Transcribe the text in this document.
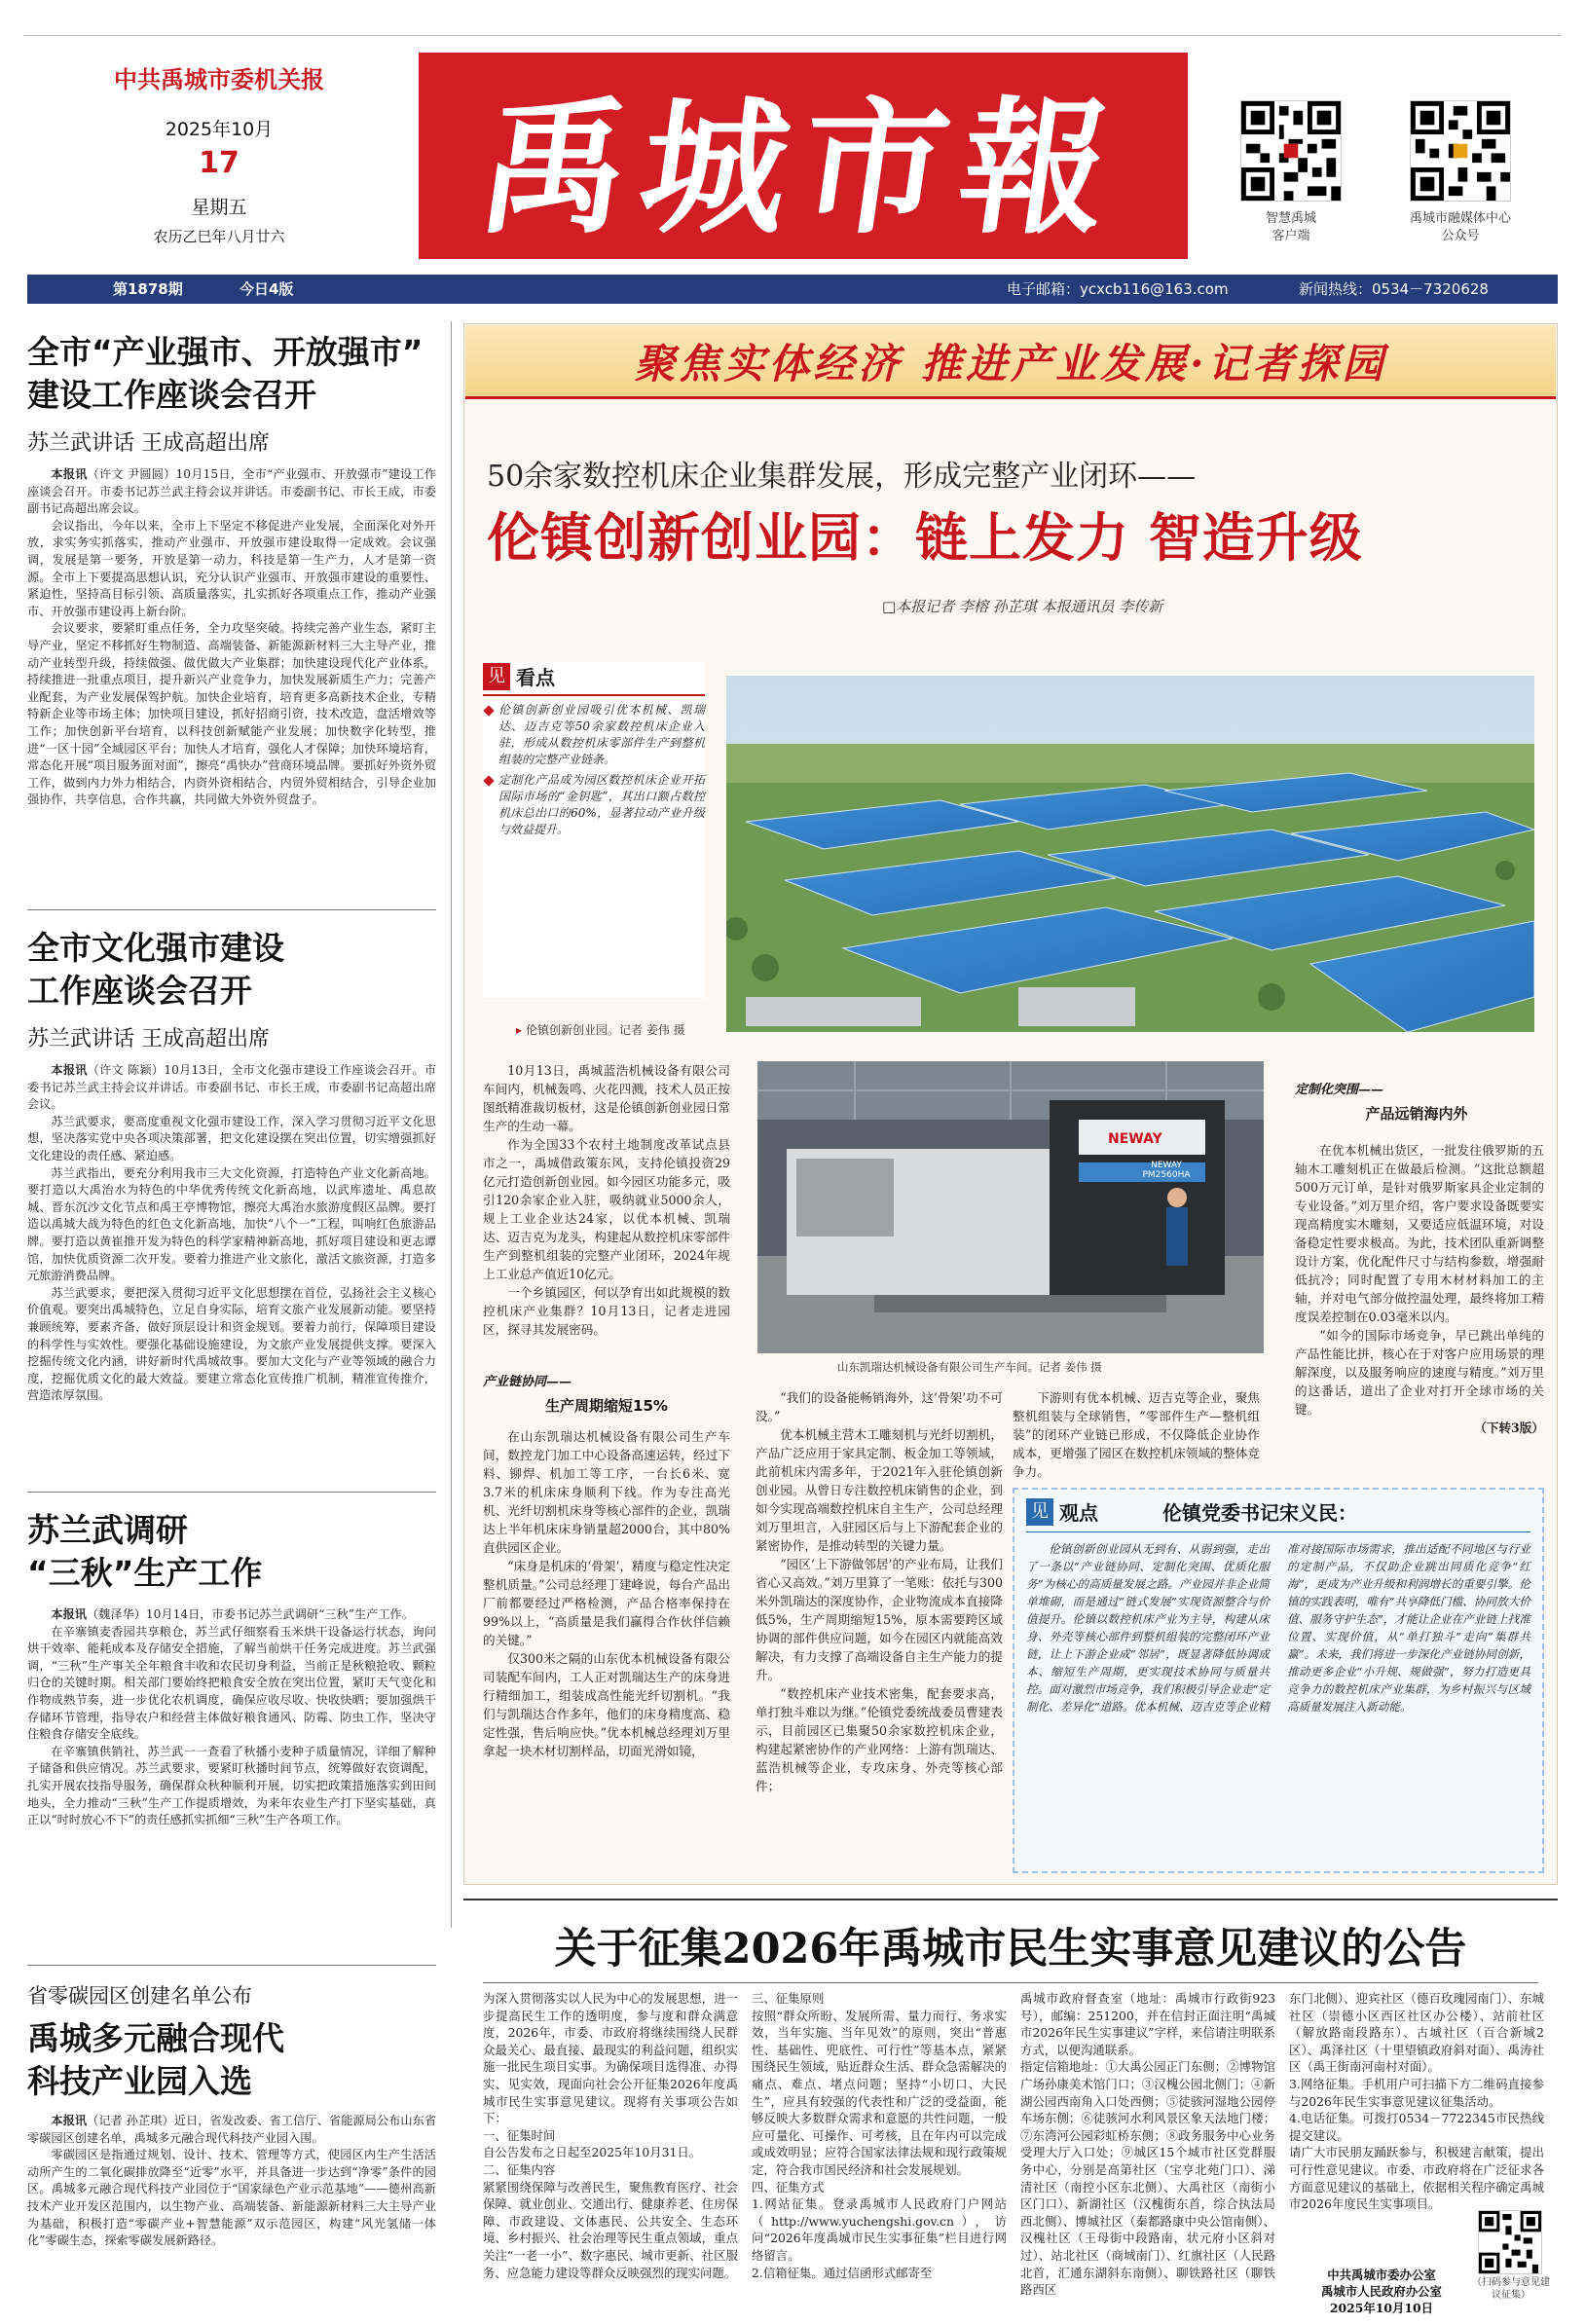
中共禹城市委机关报
2025年10月
17
星期五
农历乙巳年八月廿六	禹城市報	智慧禹城
客户端
禹城市融媒体中心
公众号
第1878期	今日4版	电子邮箱：ycxcb116@163.com	新闻热线：0534－7320628
全市“产业强市、开放强市”
建设工作座谈会召开
苏兰武讲话 王成高超出席

本报讯（许文 尹圆圆）10月15日，全市“产业强市、开放强市”建设工作座谈会召开。市委书记苏兰武主持会议并讲话。市委副书记、市长王成，市委副书记高超出席会议。

会议指出，今年以来，全市上下坚定不移促进产业发展，全面深化对外开放，求实务实抓落实，推动产业强市、开放强市建设取得一定成效。会议强调，发展是第一要务，开放是第一动力，科技是第一生产力，人才是第一资源。全市上下要提高思想认识，充分认识产业强市、开放强市建设的重要性、紧迫性，坚持高目标引领、高质量落实，扎实抓好各项重点工作，推动产业强市、开放强市建设再上新台阶。

会议要求，要紧盯重点任务，全力攻坚突破。持续完善产业生态，紧盯主导产业，坚定不移抓好生物制造、高端装备、新能源新材料三大主导产业，推动产业转型升级，持续做强、做优做大产业集群；加快建设现代化产业体系，持续推进一批重点项目，提升新兴产业竞争力，加快发展新质生产力；完善产业配套，为产业发展保驾护航。加快企业培育，培育更多高新技术企业，专精特新企业等市场主体；加快项目建设，抓好招商引资，技术改造，盘活增效等工作；加快创新平台培育，以科技创新赋能产业发展；加快数字化转型，推进“一区十园”全域园区平台；加快人才培育，强化人才保障；加快环境培育，常态化开展“项目服务面对面”，擦亮“禹快办”营商环境品牌。要抓好外资外贸工作，做到内力外力相结合，内资外资相结合，内贸外贸相结合，引导企业加强协作，共享信息，合作共赢，共同做大外资外贸盘子。

全市文化强市建设
工作座谈会召开
苏兰武讲话 王成高超出席

本报讯（许文 陈颖）10月13日，全市文化强市建设工作座谈会召开。市委书记苏兰武主持会议并讲话。市委副书记、市长王成，市委副书记高超出席会议。

苏兰武要求，要高度重视文化强市建设工作，深入学习贯彻习近平文化思想，坚决落实党中央各项决策部署，把文化建设摆在突出位置，切实增强抓好文化建设的责任感、紧迫感。

苏兰武指出，要充分利用我市三大文化资源，打造特色产业文化新高地。要打造以大禹治水为特色的中华优秀传统文化新高地，以武库遗址、禹息故城、晋东沉沙文化节点和禹王亭博物馆，擦亮大禹治水旅游度假区品牌。要打造以禹城大战为特色的红色文化新高地，加快“八个一”工程，叫响红色旅游品牌。要打造以黄崔推开发为特色的科学家精神新高地，抓好项目建设和更志谭馆，加快优质资源二次开发。要着力推进产业文旅化，激活文旅资源，打造多元旅游消费品牌。

苏兰武要求，要把深入贯彻习近平文化思想摆在首位，弘扬社会主义核心价值观。要突出禹城特色，立足自身实际，培育文旅产业发展新动能。要坚持兼顾统筹，要素齐备，做好顶层设计和资金规划。要着力前行，保障项目建设的科学性与实效性。要强化基础设施建设，为文旅产业发展提供支撑。要深入挖掘传统文化内涵，讲好新时代禹城故事。要加大文化与产业等领域的融合力度，挖掘优质文化的最大效益。要建立常态化宣传推广机制，精准宣传推介，营造浓厚氛围。

苏兰武调研
“三秋”生产工作

本报讯（魏泽华）10月14日，市委书记苏兰武调研“三秋”生产工作。

在辛寨镇麦香园共享粮仓，苏兰武仔细察看玉米烘干设备运行状态，询问烘干效率、能耗成本及存储安全措施，了解当前烘干任务完成进度。苏兰武强调，“三秋”生产事关全年粮食丰收和农民切身利益，当前正是秋粮抢收、颗粒归仓的关键时期。相关部门要始终把粮食安全放在突出位置，紧盯天气变化和作物成熟节奏，进一步优化农机调度，确保应收尽收、快收快晒；要加强烘干存储环节管理，指导农户和经营主体做好粮食通风、防霉、防虫工作，坚决守住粮食存储安全底线。

在辛寨镇供销社，苏兰武一一查看了秋播小麦种子质量情况，详细了解种子储备和供应情况。苏兰武要求，要紧盯秋播时间节点，统筹做好农资调配，扎实开展农技指导服务，确保群众秋种顺利开展，切实把政策措施落实到田间地头，全力推动“三秋”生产工作提质增效，为来年农业生产打下坚实基础，真正以“时时放心不下”的责任感抓实抓细“三秋”生产各项工作。

省零碳园区创建名单公布
禹城多元融合现代
科技产业园入选

本报讯（记者 孙芷琪）近日，省发改委、省工信厅、省能源局公布山东省零碳园区创建名单，禹城多元融合现代科技产业园入围。

零碳园区是指通过规划、设计、技术、管理等方式，使园区内生产生活活动所产生的二氧化碳排放降至“近零”水平，并具备进一步达到“净零”条件的园区。禹城多元融合现代科技产业园位于“国家绿色产业示范基地”——德州高新技术产业开发区范围内，以生物产业、高端装备、新能源新材料三大主导产业为基础，积极打造“零碳产业+智慧能源”双示范园区，构建“风光氢储一体化”零碳生态，探索零碳发展新路径。

聚焦实体经济 推进产业发展·记者探园
50余家数控机床企业集群发展，形成完整产业闭环——
伦镇创新创业园：链上发力 智造升级
□本报记者 李榕 孙芷琪 本报通讯员 李传新
见 看点
伦镇创新创业园吸引优本机械、凯瑞达、迈吉克等50余家数控机床企业入驻，形成从数控机床零部件生产到整机组装的完整产业链条。
定制化产品成为园区数控机床企业开拓国际市场的“金钥匙”，其出口额占数控机床总出口的60%，显著拉动产业升级与效益提升。
▸ 伦镇创新创业园。记者 姜伟 摄

10月13日，禹城蓝浩机械设备有限公司车间内，机械轰鸣、火花四溅，技术人员正按图纸精准裁切板材，这是伦镇创新创业园日常生产的生动一幕。

作为全国33个农村土地制度改革试点县市之一，禹城借政策东风，支持伦镇投资29亿元打造创新创业园。如今园区功能多元，吸引120余家企业入驻，吸纳就业5000余人，规上工业企业达24家，以优本机械、凯瑞达、迈吉克为龙头，构建起从数控机床零部件生产到整机组装的完整产业闭环，2024年规上工业总产值近10亿元。

一个乡镇园区，何以孕育出如此规模的数控机床产业集群？10月13日，记者走进园区，探寻其发展密码。

产业链协同——
生产周期缩短15%

在山东凯瑞达机械设备有限公司生产车间，数控龙门加工中心设备高速运转，经过下料、铆焊、机加工等工序，一台长6米、宽3.7米的机床床身顺利下线。作为专注高光机、光纤切割机床身等核心部件的企业，凯瑞达上半年机床床身销量超2000台，其中80%直供园区企业。

“床身是机床的‘骨架’，精度与稳定性决定整机质量。”公司总经理丁建峰说，每台产品出厂前都要经过严格检测，产品合格率保持在99%以上，“高质量是我们赢得合作伙伴信赖的关键。”

仅300米之隔的山东优本机械设备有限公司装配车间内，工人正对凯瑞达生产的床身进行精细加工，组装成高性能光纤切割机。“我们与凯瑞达合作多年，他们的床身精度高、稳定性强，售后响应快。”优本机械总经理刘万里拿起一块木材切割样品，切面光滑如镜，

NEWAY
NEWAY PM2560HA
山东凯瑞达机械设备有限公司生产车间。记者 姜伟 摄

“我们的设备能畅销海外，这‘骨架’功不可没。”

优本机械主营木工雕刻机与光纤切割机，产品广泛应用于家具定制、板金加工等领域，此前机床内需多年，于2021年入驻伦镇创新创业园。从曾日专注数控机床销售的企业，到如今实现高端数控机床自主生产，公司总经理刘万里坦言，入驻园区后与上下游配套企业的紧密协作，是推动转型的关键力量。

“园区‘上下游做邻居’的产业布局，让我们省心又高效。”刘万里算了一笔账：依托与300米外凯瑞达的深度协作，企业物流成本直接降低5%，生产周期缩短15%，原本需要跨区域协调的部件供应问题，如今在园区内就能高效解决，有力支撑了高端设备自主生产能力的提升。

“数控机床产业技术密集，配套要求高，单打独斗难以为继。”伦镇党委统战委员曹建表示，目前园区已集聚50余家数控机床企业，构建起紧密协作的产业网络：上游有凯瑞达、蓝浩机械等企业，专攻床身、外壳等核心部件；

下游则有优本机械、迈吉克等企业，聚焦整机组装与全球销售，“零部件生产—整机组装”的闭环产业链已形成，不仅降低企业协作成本，更增强了园区在数控机床领域的整体竞争力。

定制化突围——
产品远销海内外

在优本机械出货区，一批发往俄罗斯的五轴木工雕刻机正在做最后检测。“这批总额超500万元订单，是针对俄罗斯家具企业定制的专业设备。”刘万里介绍，客户要求设备既要实现高精度实木雕刻，又要适应低温环境，对设备稳定性要求极高。为此，技术团队重新调整设计方案，优化配件尺寸与结构参数，增强耐低抗冷；同时配置了专用木材材料加工的主轴，并对电气部分做控温处理，最终将加工精度误差控制在0.03毫米以内。

“如今的国际市场竞争，早已跳出单纯的产品性能比拼，核心在于对客户应用场景的理解深度，以及服务响应的速度与精度。”刘万里的这番话，道出了企业对打开全球市场的关键。

（下转3版）
见 观点	伦镇党委书记宋义民：
伦镇创新创业园从无到有、从弱到强，走出了一条以“产业链协同、定制化突围、优质化服务”为核心的高质量发展之路。产业园并非企业简单堆砌，而是通过“链式发展”实现资源整合与价值提升。伦镇以数控机床产业为主导，构建从床身、外壳等核心部件到整机组装的完整闭环产业链，让上下游企业成“邻居”，既显著降低协调成本、缩短生产周期，更实现技术协同与质量共控。面对激烈市场竞争，我们积极引导企业走“定制化、差异化”道路。优本机械、迈吉克等企业精准对接国际市场需求，推出适配不同地区与行业的定制产品，不仅助企业跳出同质化竞争“红海”，更成为产业升级和利润增长的重要引擎。伦镇的实践表明，唯有“共享降低门槛、协同放大价值、服务守护生态”，才能让企业在产业链上找准位置、实现价值，从“单打独斗”走向“集群共赢”。未来，我们将进一步深化产业链协同创新，推动更多企业“小升规、规做强”，努力打造更具竞争力的数控机床产业集群，为乡村振兴与区域高质量发展注入新动能。
关于征集2026年禹城市民生实事意见建议的公告
为深入贯彻落实以人民为中心的发展思想，进一步提高民生工作的透明度，参与度和群众满意度，2026年，市委、市政府将继续围绕人民群众最关心、最直接、最现实的利益问题，组织实施一批民生项目实事。为确保项目选得准、办得实、见实效，现面向社会公开征集2026年度禹城市民生实事意见建议。现将有关事项公告如下：
一、征集时间
自公告发布之日起至2025年10月31日。
二、征集内容
紧紧围绕保障与改善民生，聚焦教育医疗、社会保障、就业创业、交通出行、健康养老、住房保障、市政建设、文体惠民、公共安全、生态环境、乡村振兴、社会治理等民生重点领域，重点关注“一老一小”、数字惠民、城市更新、社区服务、应急能力建设等群众反映强烈的现实问题。
三、征集原则
按照“群众所盼、发展所需、量力而行、务求实效，当年实施、当年见效”的原则，突出“普惠性、基础性、兜底性、可行性”等基本点，紧紧围绕民生领域，贴近群众生活、群众急需解决的痛点、难点、堵点问题；坚持“小切口、大民生”，应具有较强的代表性和广泛的受益面，能够反映大多数群众需求和意愿的共性问题，一般应可量化、可操作、可考核，且在年内可以完成或成效明显；应符合国家法律法规和现行政策规定，符合我市国民经济和社会发展规划。
四、征集方式
1.网站征集。登录禹城市人民政府门户网站（http://www.yuchengshi.gov.cn），访问“2026年度禹城市民生实事征集”栏目进行网络留言。
2.信箱征集。通过信函形式邮寄至
禹城市政府督查室（地址：禹城市行政街923号），邮编：251200，并在信封正面注明“禹城市2026年民生实事建议”字样，来信请注明联系方式，以便沟通联系。
指定信箱地址：①大禹公园正门东侧；②博物馆广场孙康美术馆门口；③汉槐公园北侧门；④新湖公园西南角入口处西侧；⑤徒骇河湿地公园停车场东侧；⑥徒骇河水利风景区象天法地门楼；⑦东湾河公园彩虹桥东侧；⑧政务服务中心业务受理大厅入口处；⑨城区15个城市社区党群服务中心，分别是高第社区（宝亨北苑门口）、涕清社区（南控小区东北侧）、大禹社区（南街小区门口）、新湖社区（汉槐街东首，综合执法局西北侧）、博城社区（秦都路康中央公馆南侧）、汉槐社区（王母街中段路南，状元府小区斜对过）、站北社区（商城南门）、红旗社区（人民路北首，汇通东湖斜东南侧）、聊铁路社区（聊铁路西区
东门北侧）、迎宾社区（德百玫瑰园南门）、东城社区（崇德小区西区社区办公楼）、站前社区（解放路南段路东）、古城社区（百合新城2区）、禹泽社区（十里望镇政府斜对面）、禹涛社区（禹王街南河南村对面）。
3.网络征集。手机用户可扫描下方二维码直接参与2026年民生实事意见建议征集活动。
4.电话征集。可拨打0534－7722345市民热线提交建议。
请广大市民朋友踊跃参与，积极建言献策，提出可行性意见建议。市委、市政府将在广泛征求各方面意见建议的基础上，依据相关程序确定禹城市2026年度民生实事项目。
中共禹城市委办公室
禹城市人民政府办公室
2025年10月10日
（扫码参与意见建议征集）
